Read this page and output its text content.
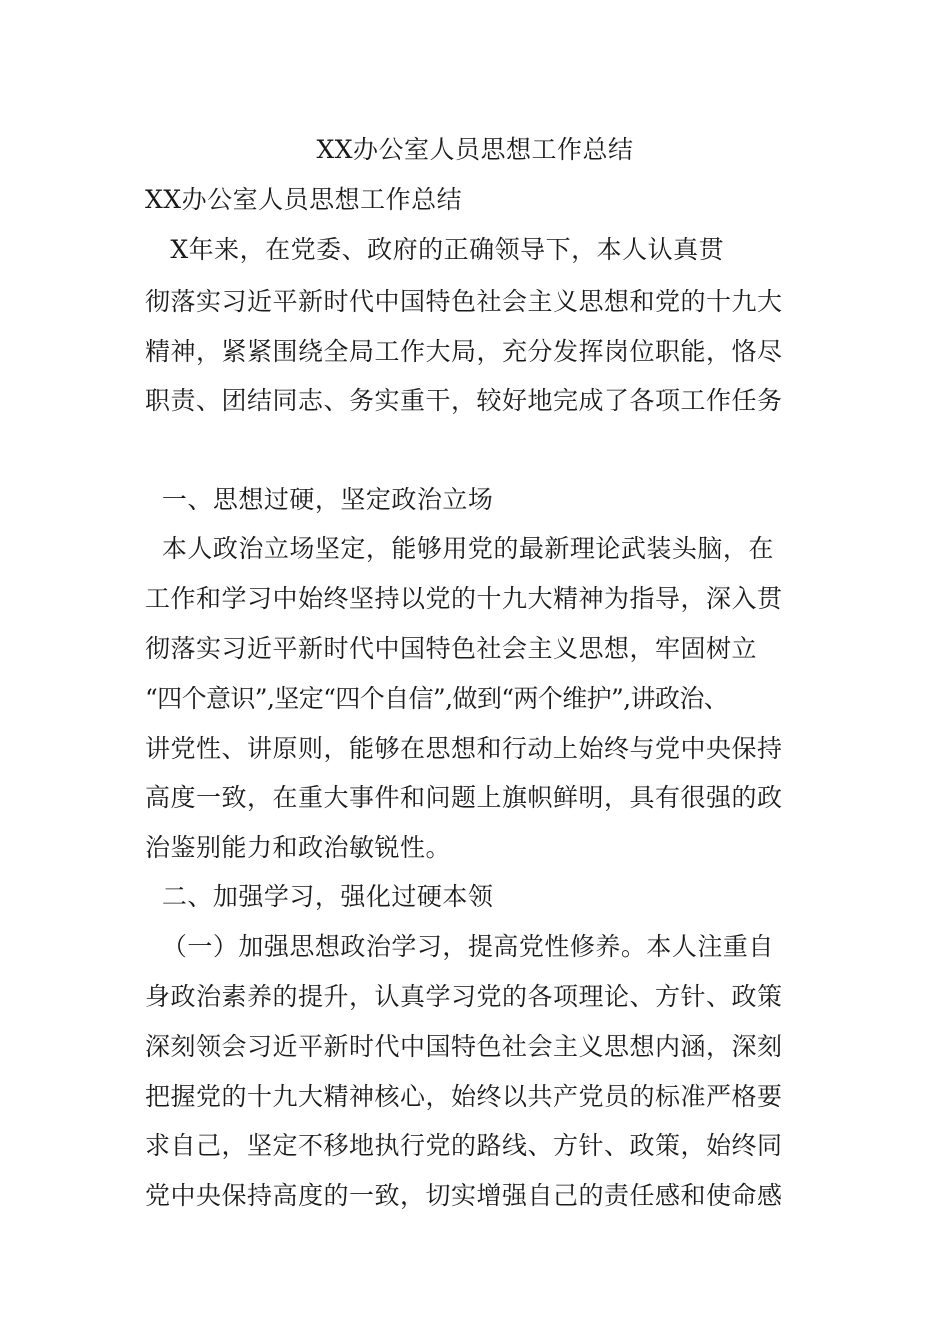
XX办公室人员思想工作总结
XX办公室人员思想工作总结
X年来，在党委、政府的正确领导下，本人认真贯
彻落实习近平新时代中国特色社会主义思想和党的十九大
精神，紧紧围绕全局工作大局，充分发挥岗位职能，恪尽
职责、团结同志、务实重干，较好地完成了各项工作任务
一、思想过硬，坚定政治立场
本人政治立场坚定，能够用党的最新理论武装头脑，在
工作和学习中始终坚持以党的十九大精神为指导，深入贯
彻落实习近平新时代中国特色社会主义思想，牢固树立
“四个意识”,坚定“四个自信”,做到“两个维护”,讲政治、
讲党性、讲原则，能够在思想和行动上始终与党中央保持
高度一致，在重大事件和问题上旗帜鲜明，具有很强的政
治鉴别能力和政治敏锐性。
二、加强学习，强化过硬本领
（一）加强思想政治学习，提高党性修养。本人注重自
身政治素养的提升，认真学习党的各项理论、方针、政策
深刻领会习近平新时代中国特色社会主义思想内涵，深刻
把握党的十九大精神核心，始终以共产党员的标准严格要
求自己，坚定不移地执行党的路线、方针、政策，始终同
党中央保持高度的一致，切实增强自己的责任感和使命感
